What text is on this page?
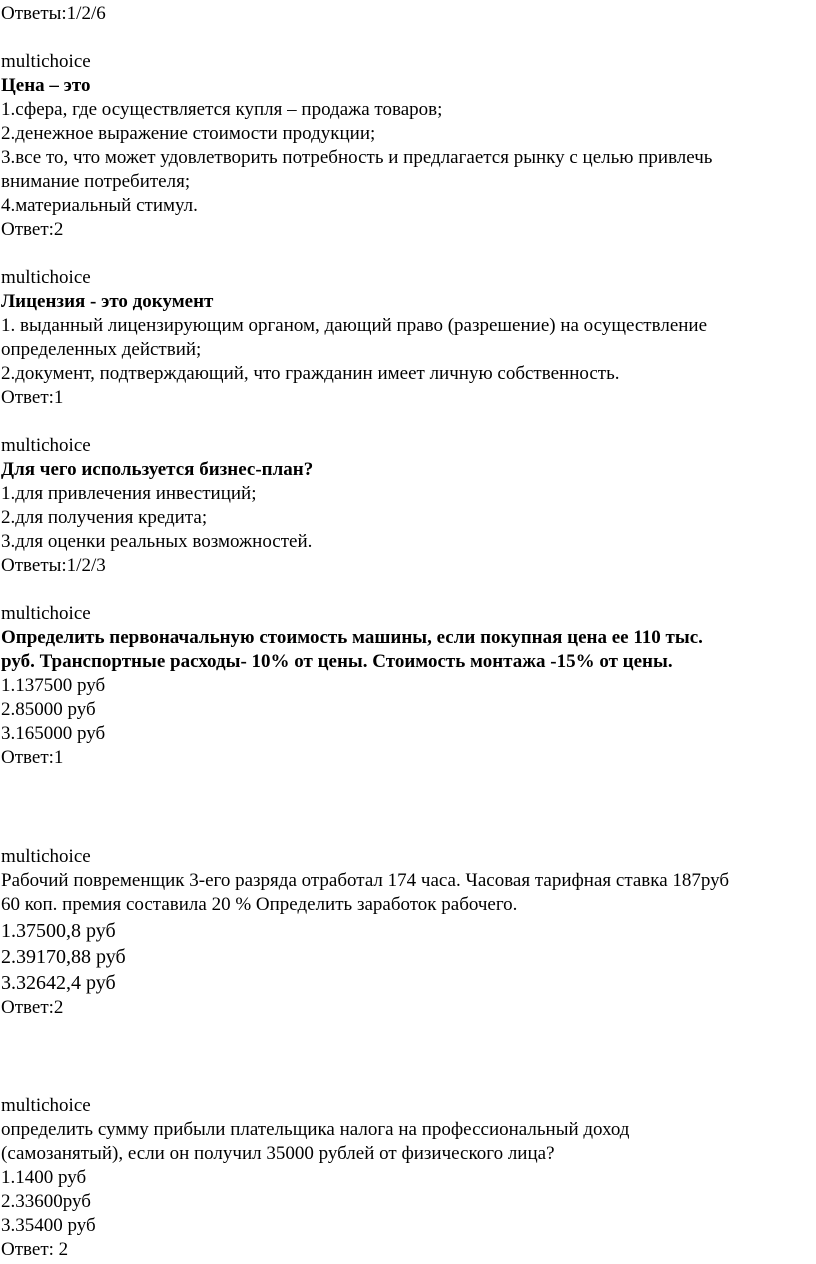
Ответы:1/2/6
multichoice
Цена – это
1.сфера, где осуществляется купля – продажа товаров;
2.денежное выражение стоимости продукции;
3.все то, что может удовлетворить потребность и предлагается рынку с целью привлечь
внимание потребителя;
4.материальный стимул.
Ответ:2
multichoice
Лицензия - это документ
1. выданный лицензирующим органом, дающий право (разрешение) на осуществление
определенных действий;
2.документ, подтверждающий, что гражданин имеет личную собственность.
Ответ:1
multichoice
Для чего используется бизнес-план?
1.для привлечения инвестиций;
2.для получения кредита;
3.для оценки реальных возможностей.
Ответы:1/2/3
multichoice
Определить первоначальную стоимость машины, если покупная цена ее 110 тыс.
руб. Транспортные расходы- 10% от цены. Стоимость монтажа -15% от цены.
1.137500 руб
2.85000 руб
3.165000 руб
Ответ:1
multichoice
Рабочий повременщик 3-его разряда отработал 174 часа. Часовая тарифная ставка 187руб
60 коп. премия составила 20 % Определить заработок рабочего.
1.37500,8 руб
2.39170,88 руб
3.32642,4 руб
Ответ:2
multichoice
определить сумму прибыли плательщика налога на профессиональный доход
(самозанятый), если он получил 35000 рублей от физического лица?
1.1400 руб
2.33600руб
3.35400 руб
Ответ: 2
